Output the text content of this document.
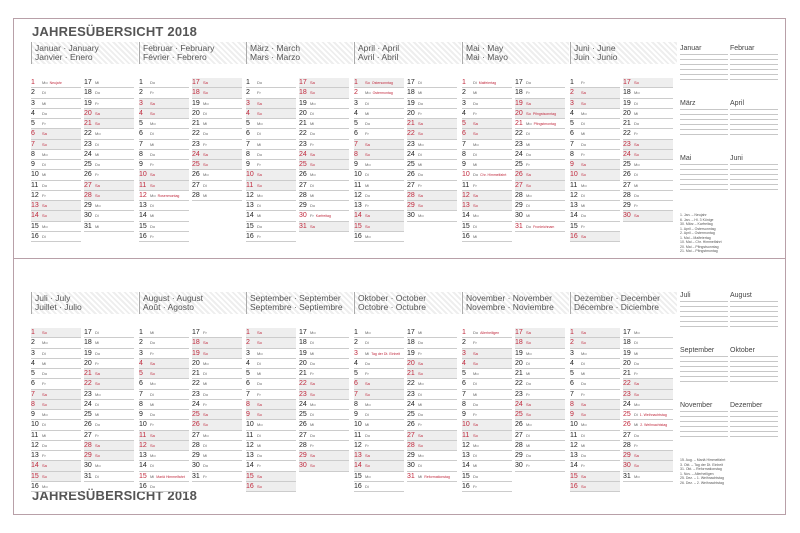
JAHRESÜBERSICHT 2018
JAHRESÜBERSICHT 2018
Januar · January
Janvier · Enero
1 Mo Neujahr
2 Di
3 Mi
4 Do
5 Fr
6 Sa
7 So
8 Mo
9 Di
10 Mi
11 Do
12 Fr
13 Sa
14 So
15 Mo
16 Di
17 Mi
18 Do
19 Fr
20 Sa
21 So
22 Mo
23 Di
24 Mi
25 Do
26 Fr
27 Sa
28 So
29 Mo
30 Di
31 Mi
Februar · February
Février · Febrero
1 Do
2 Fr
3 Sa
4 So
5 Mo
6 Di
7 Mi
8 Do
9 Fr
10 Sa
11 So
12 Mo Rosenmontag
13 Di
14 Mi
15 Do
16 Fr
17 Sa
18 So
19 Mo
20 Di
21 Mi
22 Do
23 Fr
24 Sa
25 So
26 Mo
27 Di
28 Mi
März · March
Mars · Marzo
1 Do
2 Fr
3 Sa
4 So
5 Mo
6 Di
7 Mi
8 Do
9 Fr
10 Sa
11 So
12 Mo
13 Di
14 Mi
15 Do
16 Fr
17 Sa
18 So
19 Mo
20 Di
21 Mi
22 Do
23 Fr
24 Sa
25 So
26 Mo
27 Di
28 Mi
29 Do
30 Fr Karfreitag
31 Sa
April · April
Avril · Abril
1 So Ostersonntag
2 Mo Ostermontag
3 Di
4 Mi
5 Do
6 Fr
7 Sa
8 So
9 Mo
10 Di
11 Mi
12 Do
13 Fr
14 Sa
15 So
16 Mo
17 Di
18 Mi
19 Do
20 Fr
21 Sa
22 So
23 Mo
24 Di
25 Mi
26 Do
27 Fr
28 Sa
29 So
30 Mo
Mai · May
Mai · Mayo
1 Di Maifeiertag
2 Mi
3 Do
4 Fr
5 Sa
6 So
7 Mo
8 Di
9 Mi
10 Do Chr. Himmelfahrt
11 Fr
12 Sa
13 So
14 Mo
15 Di
16 Mi
17 Do
18 Fr
19 Sa
20 So Pfingstsonntag
21 Mo Pfingstmontag
22 Di
23 Mi
24 Do
25 Fr
26 Sa
27 So
28 Mo
29 Di
30 Mi
31 Do Fronleichnam
Juni · June
Juin · Junio
1 Fr
2 Sa
3 So
4 Mo
5 Di
6 Mi
7 Do
8 Fr
9 Sa
10 So
11 Mo
12 Di
13 Mi
14 Do
15 Fr
16 Sa
17 So
18 Mo
19 Di
20 Mi
21 Do
22 Fr
23 Sa
24 So
25 Mo
26 Di
27 Mi
28 Do
29 Fr
30 Sa
Juli · July
Juillet · Julio
1 So
2 Mo
3 Di
4 Mi
5 Do
6 Fr
7 Sa
8 So
9 Mo
10 Di
11 Mi
12 Do
13 Fr
14 Sa
15 So
16 Mo
17 Di
18 Mi
19 Do
20 Fr
21 Sa
22 So
23 Mo
24 Di
25 Mi
26 Do
27 Fr
28 Sa
29 So
30 Mo
31 Di
August · August
Août · Agosto
1 Mi
2 Do
3 Fr
4 Sa
5 So
6 Mo
7 Di
8 Mi
9 Do
10 Fr
11 Sa
12 So
13 Mo
14 Di
15 Mi Mariä Himmelfahrt
16 Do
17 Fr
18 Sa
19 So
20 Mo
21 Di
22 Mi
23 Do
24 Fr
25 Sa
26 So
27 Mo
28 Di
29 Mi
30 Do
31 Fr
September · September
Septembre · Septiembre
1 Sa
2 So
3 Mo
4 Di
5 Mi
6 Do
7 Fr
8 Sa
9 So
10 Mo
11 Di
12 Mi
13 Do
14 Fr
15 Sa
16 So
17 Mo
18 Di
19 Mi
20 Do
21 Fr
22 Sa
23 So
24 Mo
25 Di
26 Mi
27 Do
28 Fr
29 Sa
30 So
Oktober · October
Octobre · Octubre
1 Mo
2 Di
3 Mi Tag der Dt. Einheit
4 Do
5 Fr
6 Sa
7 So
8 Mo
9 Di
10 Mi
11 Do
12 Fr
13 Sa
14 So
15 Mo
16 Di
17 Mi
18 Do
19 Fr
20 Sa
21 So
22 Mo
23 Di
24 Mi
25 Do
26 Fr
27 Sa
28 So
29 Mo
30 Di
31 Mi Reformationstag
November · November
Novembre · Noviembre
1 Do Allerheiligen
2 Fr
3 Sa
4 So
5 Mo
6 Di
7 Mi
8 Do
9 Fr
10 Sa
11 So
12 Mo
13 Di
14 Mi
15 Do
16 Fr
17 Sa
18 So
19 Mo
20 Di
21 Mi
22 Do
23 Fr
24 Sa
25 So
26 Mo
27 Di
28 Mi
29 Do
30 Fr
Dezember · December
Décembre · Diciembre
1 Sa
2 So
3 Mo
4 Di
5 Mi
6 Do
7 Fr
8 Sa
9 So
10 Mo
11 Di
12 Mi
13 Do
14 Fr
15 Sa
16 So
17 Mo
18 Di
19 Mi
20 Do
21 Fr
22 Sa
23 So
24 Mo
25 Di 1. Weihnachtstag
26 Mi 2. Weihnachtstag
27 Do
28 Fr
29 Sa
30 So
31 Mo
Januar	Februar
März	April
Mai	Juni
Juli	August
September	Oktober
November	Dezember
1. Jan. – Neujahr
6. Jan. – Hl. 3 Könige
30. März – Karfreitag
1. April – Ostersonntag
2. April – Ostermontag
1. Mai – Maifeiertag
10. Mai – Chr. Himmelfahrt
20. Mai – Pfingstsonntag
21. Mai – Pfingstmontag
15. Aug. – Mariä Himmelfahrt
3. Okt. – Tag der Dt. Einheit
31. Okt. – Reformationstag
1. Nov. – Allerheiligen
25. Dez. – 1. Weihnachtstag
26. Dez. – 2. Weihnachtstag
